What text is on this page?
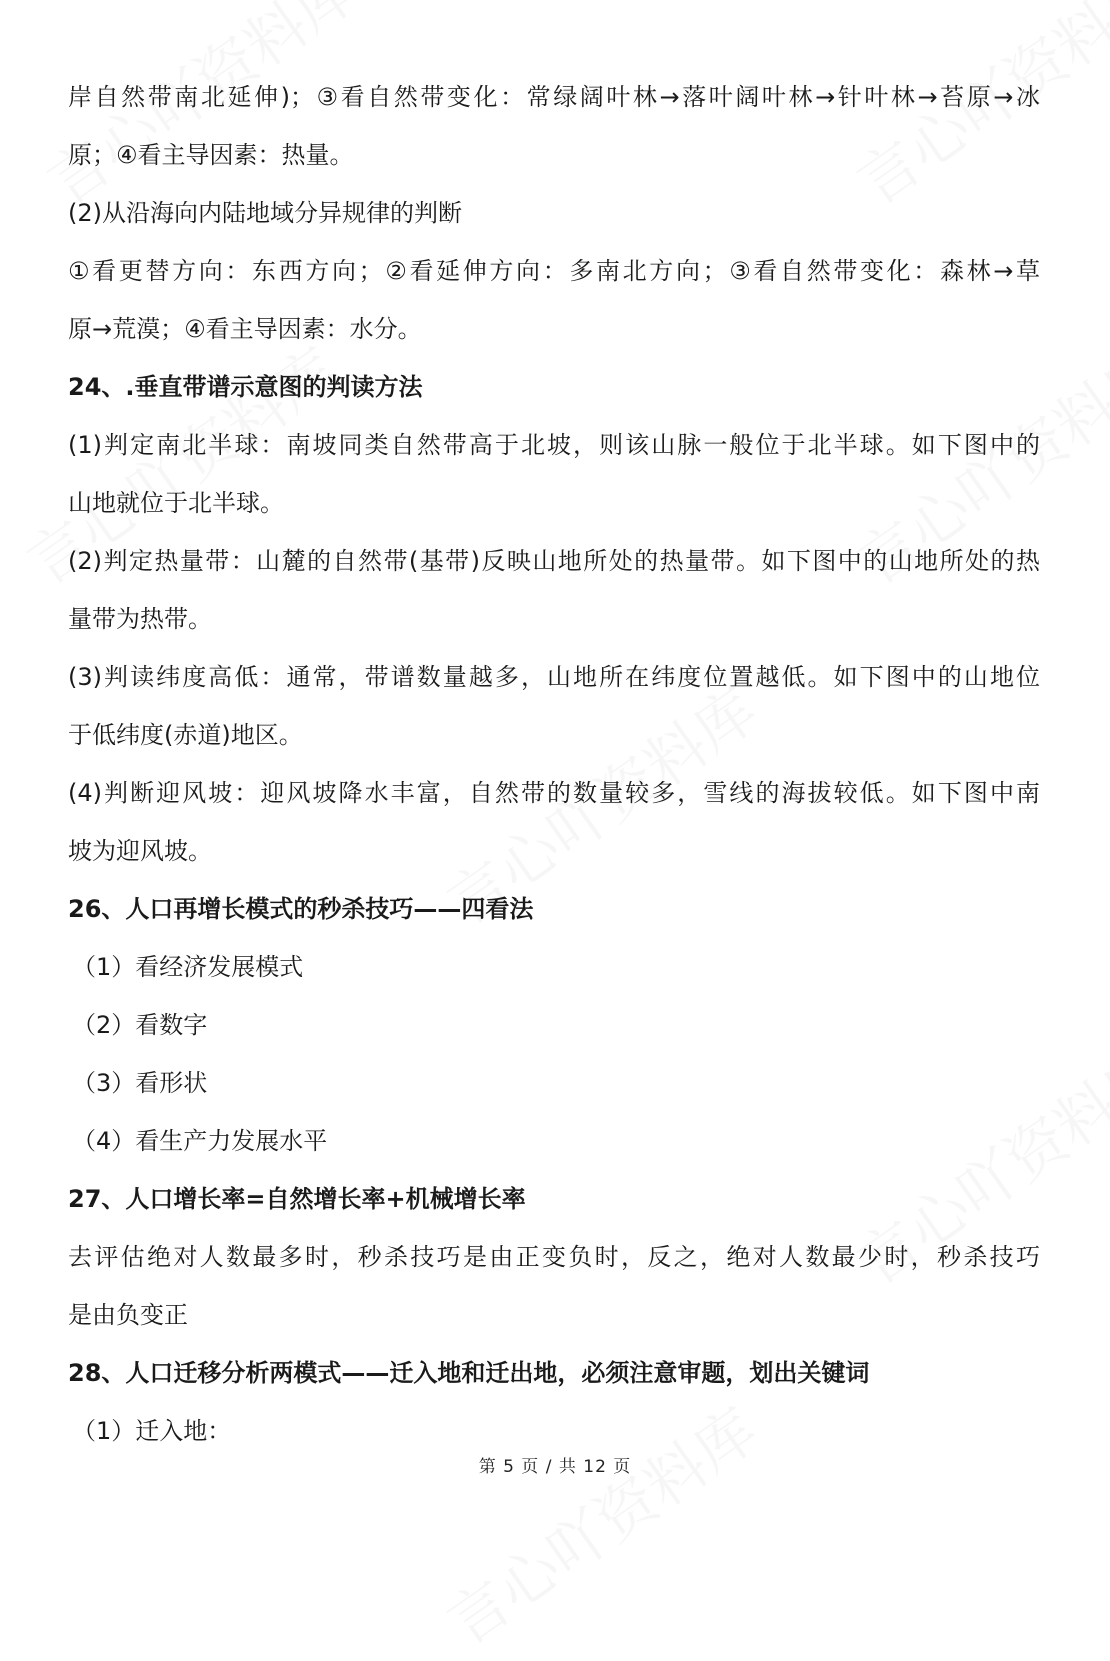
岸自然带南北延伸)；③看自然带变化：常绿阔叶林→落叶阔叶林→针叶林→苔原→冰
原；④看主导因素：热量。
(2)从沿海向内陆地域分异规律的判断
①看更替方向：东西方向；②看延伸方向：多南北方向；③看自然带变化：森林→草
原→荒漠；④看主导因素：水分。
24、.垂直带谱示意图的判读方法
(1)判定南北半球：南坡同类自然带高于北坡，则该山脉一般位于北半球。如下图中的
山地就位于北半球。
(2)判定热量带：山麓的自然带(基带)反映山地所处的热量带。如下图中的山地所处的热
量带为热带。
(3)判读纬度高低：通常，带谱数量越多，山地所在纬度位置越低。如下图中的山地位
于低纬度(赤道)地区。
(4)判断迎风坡：迎风坡降水丰富，自然带的数量较多，雪线的海拔较低。如下图中南
坡为迎风坡。
26、人口再增长模式的秒杀技巧——四看法
（1）看经济发展模式
（2）看数字
（3）看形状
（4）看生产力发展水平
27、人口增长率=自然增长率+机械增长率
去评估绝对人数最多时，秒杀技巧是由正变负时，反之，绝对人数最少时，秒杀技巧
是由负变正
28、人口迁移分析两模式——迁入地和迁出地，必须注意审题，划出关键词
（1）迁入地：
第 5 页 / 共 12 页
